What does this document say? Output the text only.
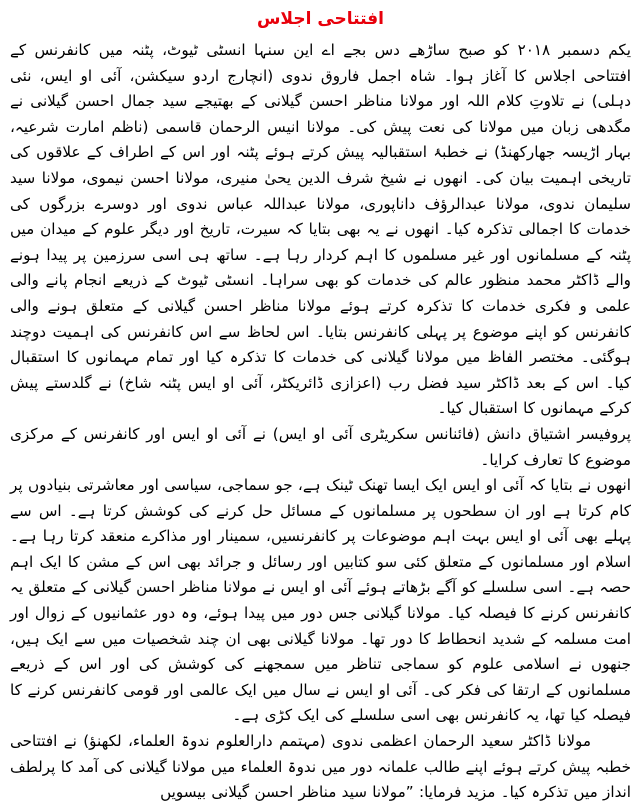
افتتاحی اجلاس

یکم دسمبر ۲۰۱۸ کو صبح ساڑھے دس بجے اے این سنہا انسٹی ٹیوٹ، پٹنہ میں کانفرنس کے افتتاحی اجلاس کا آغاز ہوا۔ شاہ اجمل فاروق ندوی (انچارج اردو سیکشن، آئی او ایس، نئی دہلی) نے تلاوتِ کلام اللہ اور مولانا مناظر احسن گیلانی کے بھتیجے سید جمال احسن گیلانی نے مگدھی زبان میں مولانا کی نعت پیش کی۔ مولانا انیس الرحمان قاسمی (ناظم امارت شرعیہ، بہار اڑیسہ جھارکھنڈ) نے خطبۂ استقبالیہ پیش کرتے ہوئے پٹنہ اور اس کے اطراف کے علاقوں کی تاریخی اہمیت بیان کی۔ انھوں نے شیخ شرف الدین یحیٰ منیری، مولانا احسن نیموی، مولانا سید سلیمان ندوی، مولانا عبدالرؤف داناپوری، مولانا عبداللہ عباس ندوی اور دوسرے بزرگوں کی خدمات کا اجمالی تذکرہ کیا۔ انھوں نے یہ بھی بتایا کہ سیرت، تاریخ اور دیگر علوم کے میدان میں پٹنہ کے مسلمانوں اور غیر مسلموں کا اہم کردار رہا ہے۔ ساتھ ہی اسی سرزمین پر پیدا ہونے والے ڈاکٹر محمد منظور عالم کی خدمات کو بھی سراہا۔ انسٹی ٹیوٹ کے ذریعے انجام پانے والی علمی و فکری خدمات کا تذکرہ کرتے ہوئے مولانا مناظر احسن گیلانی کے متعلق ہونے والی کانفرنس کو اپنے موضوع پر پہلی کانفرنس بتایا۔ اس لحاظ سے اس کانفرنس کی اہمیت دوچند ہوگئی۔ مختصر الفاظ میں مولانا گیلانی کی خدمات کا تذکرہ کیا اور تمام مہمانوں کا استقبال کیا۔ اس کے بعد ڈاکٹر سید فضل رب (اعزازی ڈائریکٹر، آئی او ایس پٹنہ شاخ) نے گلدستے پیش کرکے مہمانوں کا استقبال کیا۔

پروفیسر اشتیاق دانش (فائنانس سکریٹری آئی او ایس) نے آئی او ایس اور کانفرنس کے مرکزی موضوع کا تعارف کرایا۔

انھوں نے بتایا کہ آئی او ایس ایک ایسا تھنک ٹینک ہے، جو سماجی، سیاسی اور معاشرتی بنیادوں پر کام کرتا ہے اور ان سطحوں پر مسلمانوں کے مسائل حل کرنے کی کوشش کرتا ہے۔ اس سے پہلے بھی آئی او ایس بہت اہم موضوعات پر کانفرنسیں، سمینار اور مذاکرے منعقد کرتا رہا ہے۔ اسلام اور مسلمانوں کے متعلق کئی سو کتابیں اور رسائل و جرائد بھی اس کے مشن کا ایک اہم حصہ ہے۔ اسی سلسلے کو آگے بڑھاتے ہوئے آئی او ایس نے مولانا مناظر احسن گیلانی کے متعلق یہ کانفرنس کرنے کا فیصلہ کیا۔ مولانا گیلانی جس دور میں پیدا ہوئے، وہ دور عثمانیوں کے زوال اور امت مسلمہ کے شدید انحطاط کا دور تھا۔ مولانا گیلانی بھی ان چند شخصیات میں سے ایک ہیں، جنھوں نے اسلامی علوم کو سماجی تناظر میں سمجھنے کی کوشش کی اور اس کے ذریعے مسلمانوں کے ارتقا کی فکر کی۔ آئی او ایس نے سال میں ایک عالمی اور قومی کانفرنس کرنے کا فیصلہ کیا تھا، یہ کانفرنس بھی اسی سلسلے کی ایک کڑی ہے۔

مولانا ڈاکٹر سعید الرحمان اعظمی ندوی (مہتمم دارالعلوم ندوۃ العلماء، لکھنؤ) نے افتتاحی خطبہ پیش کرتے ہوئے اپنے طالب علمانہ دور میں ندوۃ العلماء میں مولانا گیلانی کی آمد کا پرلطف انداز میں تذکرہ کیا۔ مزید فرمایا: ”مولانا سید مناظر احسن گیلانی بیسویں
